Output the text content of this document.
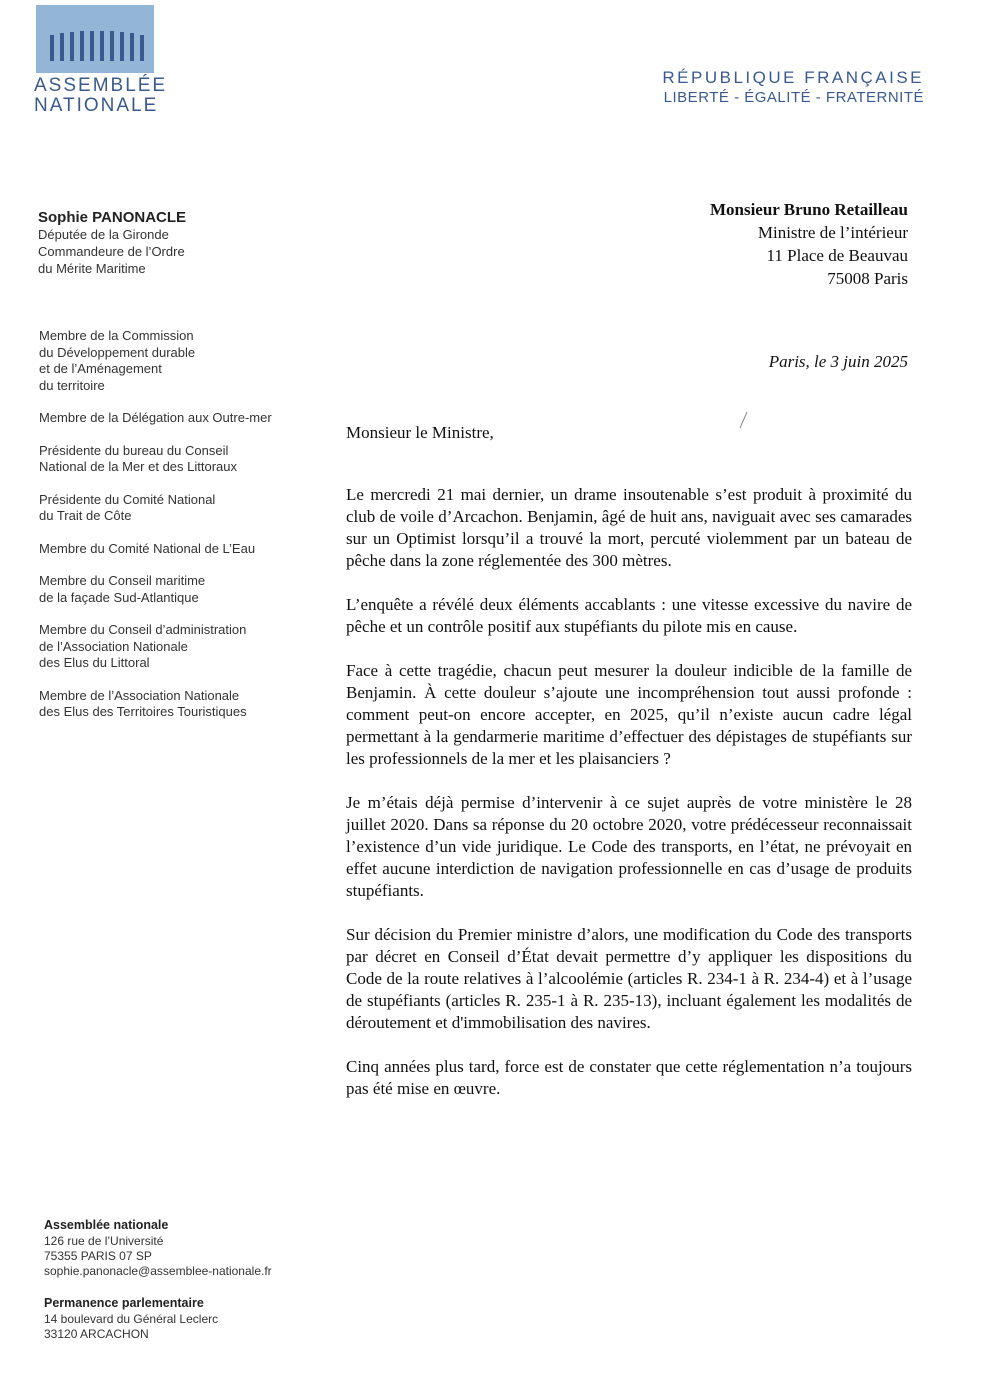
ASSEMBLÉE
NATIONALE
RÉPUBLIQUE FRANÇAISE
LIBERTÉ - ÉGALITÉ - FRATERNITÉ
Sophie PANONACLE
Députée de la Gironde
Commandeure de l’Ordre
du Mérite Maritime
Membre de la Commission
du Développement durable
et de l’Aménagement
du territoire
Membre de la Délégation aux Outre-mer
Présidente du bureau du Conseil
National de la Mer et des Littoraux
Présidente du Comité National
du Trait de Côte
Membre du Comité National de L’Eau
Membre du Conseil maritime
de la façade Sud-Atlantique
Membre du Conseil d’administration
de l’Association Nationale
des Elus du Littoral
Membre de l’Association Nationale
des Elus des Territoires Touristiques
Monsieur Bruno Retailleau
Ministre de l’intérieur
11 Place de Beauvau
75008 Paris
Paris, le 3 juin 2025
Monsieur le Ministre,

Le mercredi 21 mai dernier, un drame insoutenable s’est produit à proximité du club de voile d’Arcachon. Benjamin, âgé de huit ans, naviguait avec ses camarades sur un Optimist lorsqu’il a trouvé la mort, percuté violemment par un bateau de pêche dans la zone réglementée des 300 mètres.

L’enquête a révélé deux éléments accablants : une vitesse excessive du navire de pêche et un contrôle positif aux stupéfiants du pilote mis en cause.

Face à cette tragédie, chacun peut mesurer la douleur indicible de la famille de Benjamin. À cette douleur s’ajoute une incompréhension tout aussi profonde : comment peut-on encore accepter, en 2025, qu’il n’existe aucun cadre légal permettant à la gendarmerie maritime d’effectuer des dépistages de stupéfiants sur les professionnels de la mer et les plaisanciers ?

Je m’étais déjà permise d’intervenir à ce sujet auprès de votre ministère le 28 juillet 2020. Dans sa réponse du 20 octobre 2020, votre prédécesseur reconnaissait l’existence d’un vide juridique. Le Code des transports, en l’état, ne prévoyait en effet aucune interdiction de navigation professionnelle en cas d’usage de produits stupéfiants.

Sur décision du Premier ministre d’alors, une modification du Code des transports par décret en Conseil d’État devait permettre d’y appliquer les dispositions du Code de la route relatives à l’alcoolémie (articles R. 234-1 à R. 234-4) et à l’usage de stupéfiants (articles R. 235-1 à R. 235-13), incluant également les modalités de déroutement et d'immobilisation des navires.

Cinq années plus tard, force est de constater que cette réglementation n’a toujours pas été mise en œuvre.

Assemblée nationale
126 rue de l’Université
75355 PARIS 07 SP
sophie.panonacle@assemblee-nationale.fr
Permanence parlementaire
14 boulevard du Général Leclerc
33120 ARCACHON
